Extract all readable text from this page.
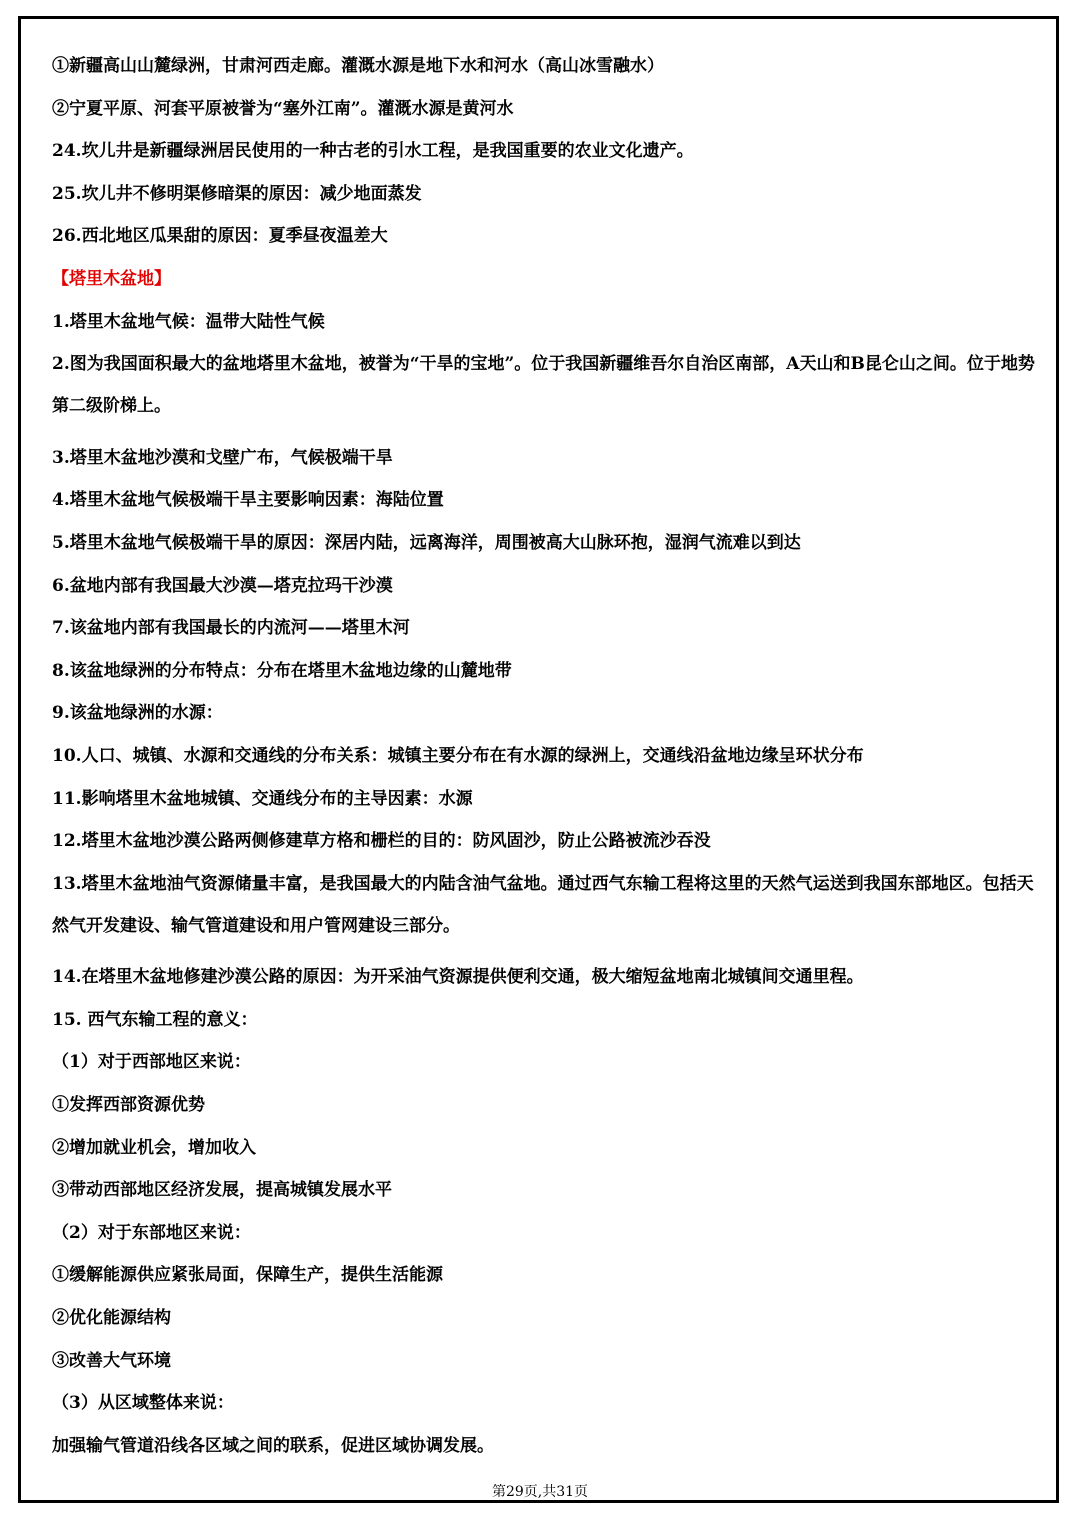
①新疆高山山麓绿洲，甘肃河西走廊。灌溉水源是地下水和河水（高山冰雪融水）
②宁夏平原、河套平原被誉为“塞外江南”。灌溉水源是黄河水
24.坎儿井是新疆绿洲居民使用的一种古老的引水工程，是我国重要的农业文化遗产。
25.坎儿井不修明渠修暗渠的原因：减少地面蒸发
26.西北地区瓜果甜的原因：夏季昼夜温差大
【塔里木盆地】
1.塔里木盆地气候：温带大陆性气候
2.图为我国面积最大的盆地塔里木盆地，被誉为“干旱的宝地”。位于我国新疆维吾尔自治区南部，A天山和B昆仑山之间。位于地势第二级阶梯上。
3.塔里木盆地沙漠和戈壁广布，气候极端干旱
4.塔里木盆地气候极端干旱主要影响因素：海陆位置
5.塔里木盆地气候极端干旱的原因：深居内陆，远离海洋，周围被高大山脉环抱，湿润气流难以到达
6.盆地内部有我国最大沙漠—塔克拉玛干沙漠
7.该盆地内部有我国最长的内流河——塔里木河
8.该盆地绿洲的分布特点：分布在塔里木盆地边缘的山麓地带
9.该盆地绿洲的水源：
10.人口、城镇、水源和交通线的分布关系：城镇主要分布在有水源的绿洲上，交通线沿盆地边缘呈环状分布
11.影响塔里木盆地城镇、交通线分布的主导因素：水源
12.塔里木盆地沙漠公路两侧修建草方格和栅栏的目的：防风固沙，防止公路被流沙吞没
13.塔里木盆地油气资源储量丰富，是我国最大的内陆含油气盆地。通过西气东输工程将这里的天然气运送到我国东部地区。包括天然气开发建设、输气管道建设和用户管网建设三部分。
14.在塔里木盆地修建沙漠公路的原因：为开采油气资源提供便利交通，极大缩短盆地南北城镇间交通里程。
15. 西气东输工程的意义：
（1）对于西部地区来说：
①发挥西部资源优势
②增加就业机会，增加收入
③带动西部地区经济发展，提高城镇发展水平
（2）对于东部地区来说：
①缓解能源供应紧张局面，保障生产，提供生活能源
②优化能源结构
③改善大气环境
（3）从区域整体来说：
加强输气管道沿线各区域之间的联系，促进区域协调发展。
第29页,共31页
